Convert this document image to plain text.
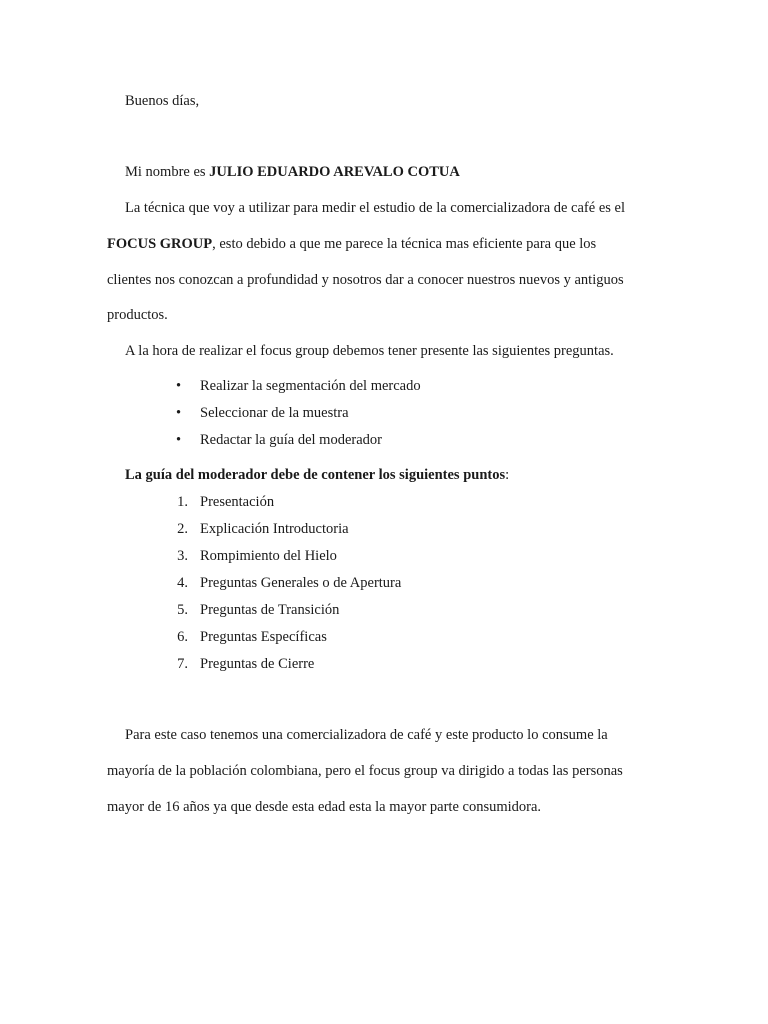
Buenos días,
Mi nombre es JULIO EDUARDO AREVALO COTUA
La técnica que voy a utilizar para medir el estudio de la comercializadora de café es el
FOCUS GROUP, esto debido a que me parece la técnica mas eficiente para que los
clientes nos conozcan a profundidad y nosotros dar a conocer nuestros nuevos y antiguos
productos.
A la hora de realizar el focus group debemos tener presente las siguientes preguntas.
• Realizar la segmentación del mercado
• Seleccionar de la muestra
• Redactar la guía del moderador
La guía del moderador debe de contener los siguientes puntos:
1. Presentación
2. Explicación Introductoria
3. Rompimiento del Hielo
4. Preguntas Generales o de Apertura
5. Preguntas de Transición
6. Preguntas Específicas
7. Preguntas de Cierre
Para este caso tenemos una comercializadora de café y este producto lo consume la
mayoría de la población colombiana, pero el focus group va dirigido a todas las personas
mayor de 16 años ya que desde esta edad esta la mayor parte consumidora.
